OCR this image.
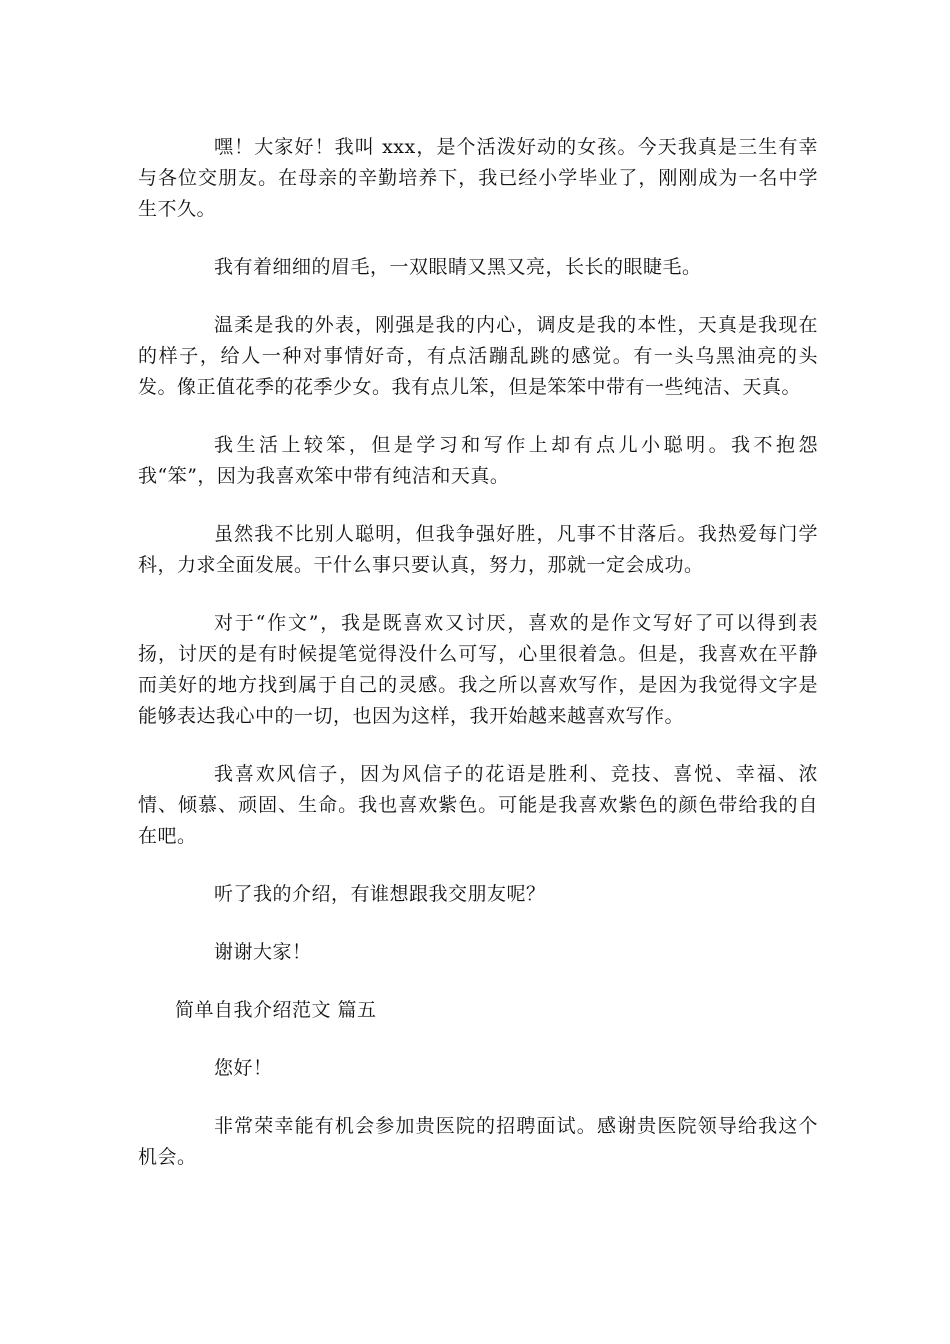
嘿！大家好！我叫 xxx，是个活泼好动的女孩。今天我真是三生有幸与各位交朋友。在母亲的辛勤培养下，我已经小学毕业了，刚刚成为一名中学生不久。

我有着细细的眉毛，一双眼睛又黑又亮，长长的眼睫毛。

温柔是我的外表，刚强是我的内心，调皮是我的本性，天真是我现在的样子，给人一种对事情好奇，有点活蹦乱跳的感觉。有一头乌黑油亮的头发。像正值花季的花季少女。我有点儿笨，但是笨笨中带有一些纯洁、天真。

我生活上较笨，但是学习和写作上却有点儿小聪明。我不抱怨我“笨”，因为我喜欢笨中带有纯洁和天真。

虽然我不比别人聪明，但我争强好胜，凡事不甘落后。我热爱每门学科，力求全面发展。干什么事只要认真，努力，那就一定会成功。

对于“作文”，我是既喜欢又讨厌，喜欢的是作文写好了可以得到表扬，讨厌的是有时候提笔觉得没什么可写，心里很着急。但是，我喜欢在平静而美好的地方找到属于自己的灵感。我之所以喜欢写作，是因为我觉得文字是能够表达我心中的一切，也因为这样，我开始越来越喜欢写作。

我喜欢风信子，因为风信子的花语是胜利、竞技、喜悦、幸福、浓情、倾慕、顽固、生命。我也喜欢紫色。可能是我喜欢紫色的颜色带给我的自在吧。

听了我的介绍，有谁想跟我交朋友呢？

谢谢大家！

简单自我介绍范文 篇五

您好！

非常荣幸能有机会参加贵医院的招聘面试。感谢贵医院领导给我这个机会。
